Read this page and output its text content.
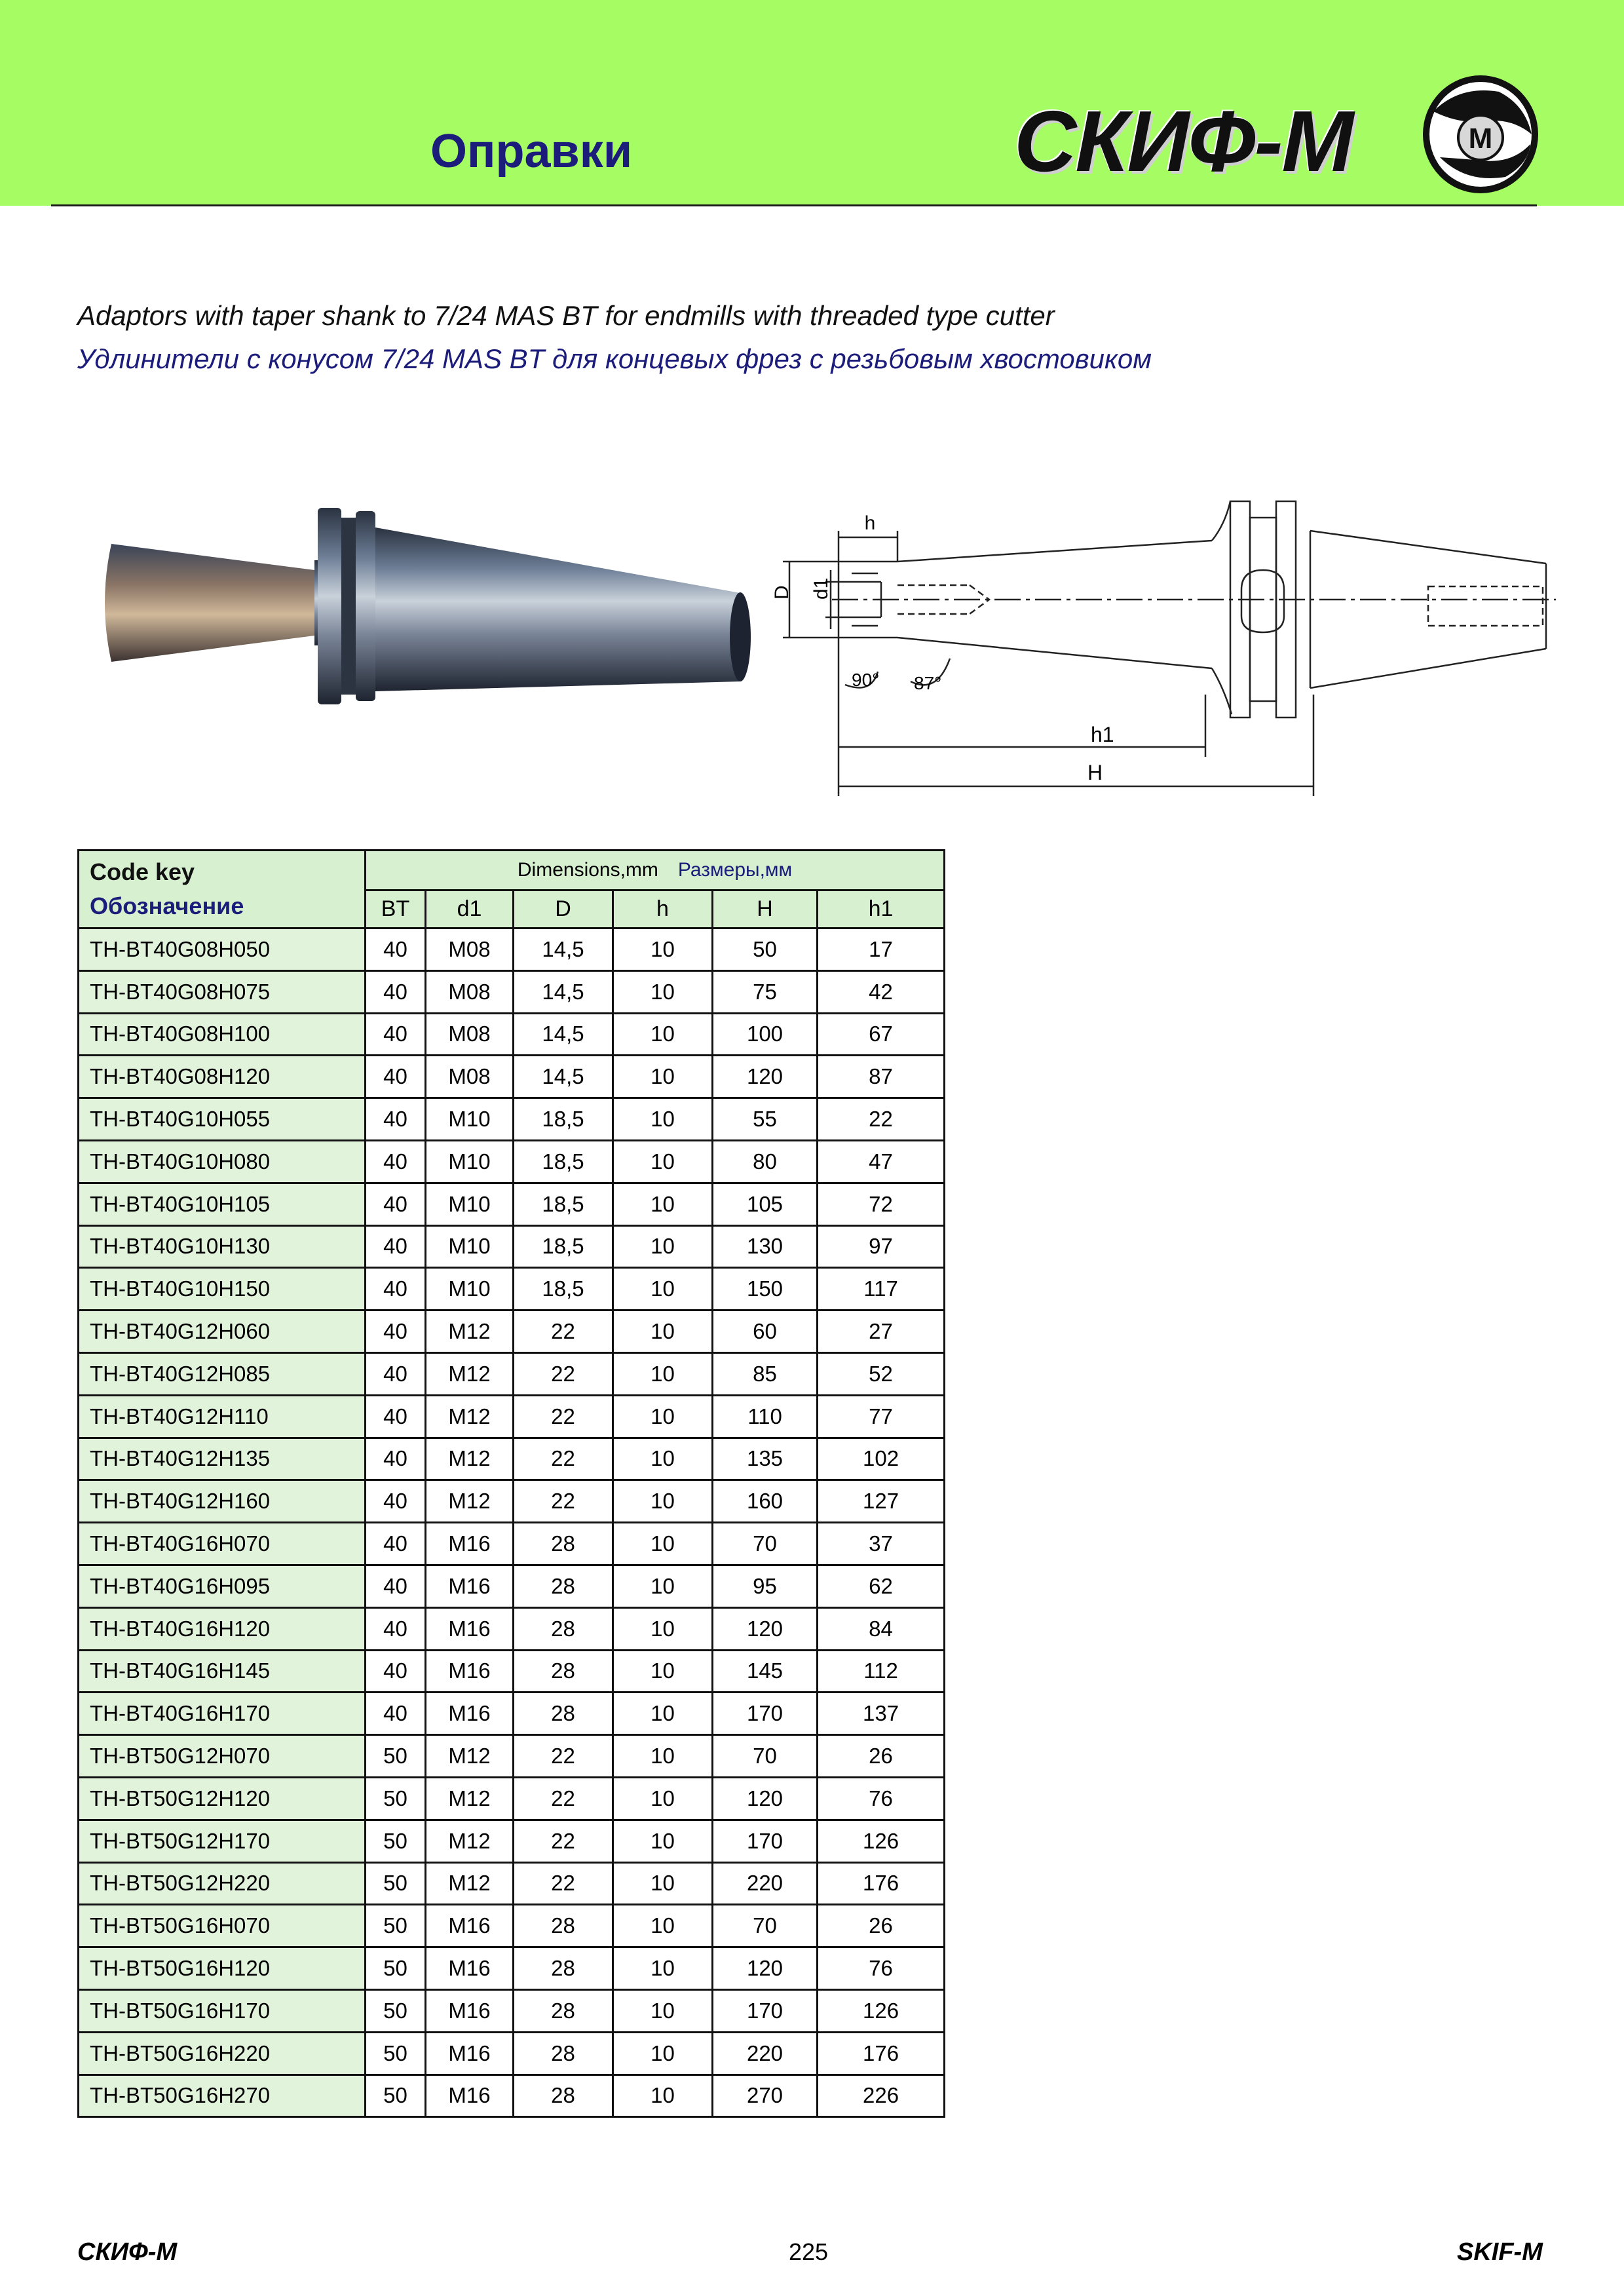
Оправки	СКИФ-М	М
Adaptors with taper shank to 7/24 MAS BT for endmills with threaded type cutter
Удлинители с конусом 7/24 MAS BT для концевых фрез с резьбовым хвостовиком
h
D d1
90° 87°
h1
H
Code key
Обозначение	Dimensions,mm Размеры,мм					
	BT	d1	D	h	H	h1
TH-BT40G08H050	40	M08	14,5	10	50	17
TH-BT40G08H075	40	M08	14,5	10	75	42
TH-BT40G08H100	40	M08	14,5	10	100	67
TH-BT40G08H120	40	M08	14,5	10	120	87
TH-BT40G10H055	40	M10	18,5	10	55	22
TH-BT40G10H080	40	M10	18,5	10	80	47
TH-BT40G10H105	40	M10	18,5	10	105	72
TH-BT40G10H130	40	M10	18,5	10	130	97
TH-BT40G10H150	40	M10	18,5	10	150	117
TH-BT40G12H060	40	M12	22	10	60	27
TH-BT40G12H085	40	M12	22	10	85	52
TH-BT40G12H110	40	M12	22	10	110	77
TH-BT40G12H135	40	M12	22	10	135	102
TH-BT40G12H160	40	M12	22	10	160	127
TH-BT40G16H070	40	M16	28	10	70	37
TH-BT40G16H095	40	M16	28	10	95	62
TH-BT40G16H120	40	M16	28	10	120	84
TH-BT40G16H145	40	M16	28	10	145	112
TH-BT40G16H170	40	M16	28	10	170	137
TH-BT50G12H070	50	M12	22	10	70	26
TH-BT50G12H120	50	M12	22	10	120	76
TH-BT50G12H170	50	M12	22	10	170	126
TH-BT50G12H220	50	M12	22	10	220	176
TH-BT50G16H070	50	M16	28	10	70	26
TH-BT50G16H120	50	M16	28	10	120	76
TH-BT50G16H170	50	M16	28	10	170	126
TH-BT50G16H220	50	M16	28	10	220	176
TH-BT50G16H270	50	M16	28	10	270	226
СКИФ-М	225	SKIF-M
